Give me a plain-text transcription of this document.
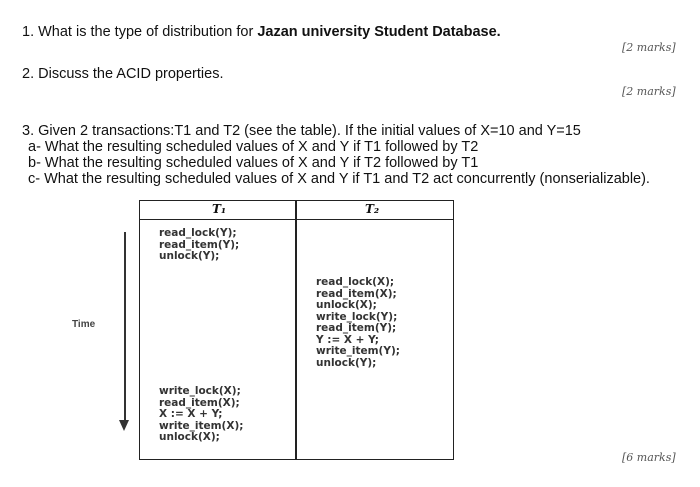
1. What is the type of distribution for Jazan university Student Database.
[2 marks]
2. Discuss the ACID properties.
[2 marks]
3. Given 2 transactions:T1 and T2 (see the table). If the initial values of X=10 and Y=15
a- What the resulting scheduled values of X and Y if T1 followed by T2
b- What the resulting scheduled values of X and Y if T2 followed by T1
c- What the resulting scheduled values of X and Y if T1 and T2 act concurrently (nonserializable).
T₁	T₂
read_lock(Y);
read_item(Y);
unlock(Y);
read_lock(X);
read_item(X);
unlock(X);
write_lock(Y);
read_item(Y);
Y := X + Y;
write_item(Y);
unlock(Y);
write_lock(X);
read_item(X);
X := X + Y;
write_item(X);
unlock(X);
Time
[6 marks]
